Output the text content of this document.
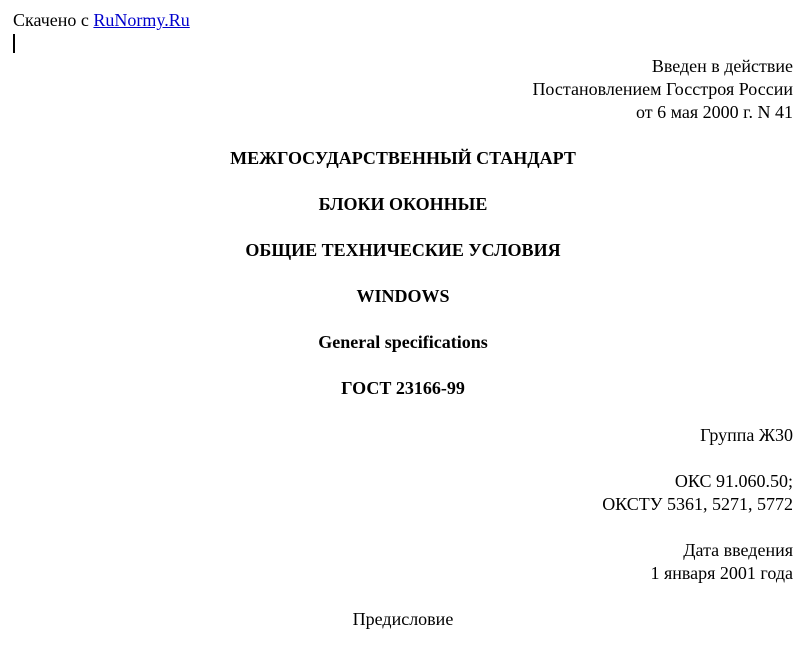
Скачено с RuNormy.Ru
Введен в действие
Постановлением Госстроя России
от 6 мая 2000 г. N 41
МЕЖГОСУДАРСТВЕННЫЙ СТАНДАРТ
БЛОКИ ОКОННЫЕ
ОБЩИЕ ТЕХНИЧЕСКИЕ УСЛОВИЯ
WINDOWS
General specifications
ГОСТ 23166-99
Группа Ж30
ОКС 91.060.50;
ОКСТУ 5361, 5271, 5772
Дата введения
1 января 2001 года
Предисловие
